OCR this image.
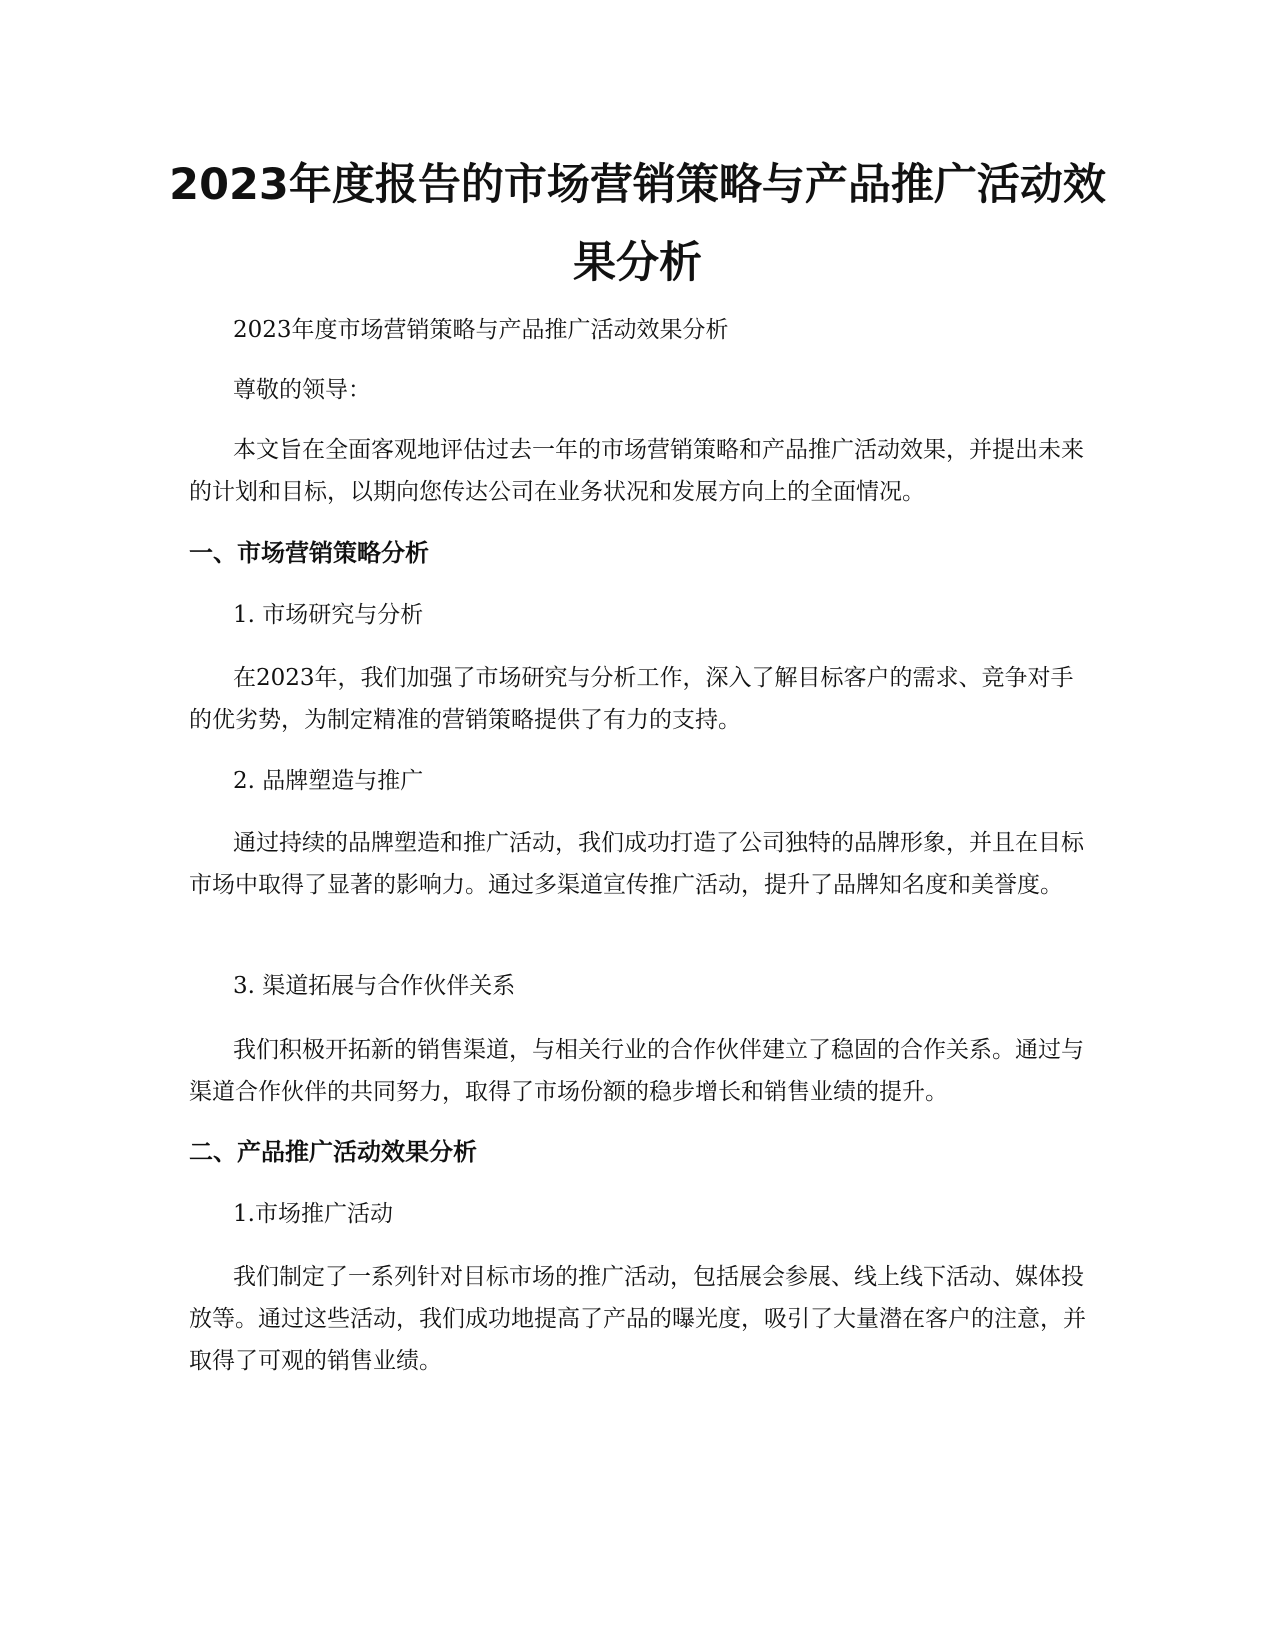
2023年度报告的市场营销策略与产品推广活动效果分析

2023年度市场营销策略与产品推广活动效果分析

尊敬的领导：

本文旨在全面客观地评估过去一年的市场营销策略和产品推广活动效果，并提出未来的计划和目标，以期向您传达公司在业务状况和发展方向上的全面情况。

一、市场营销策略分析

1. 市场研究与分析

在2023年，我们加强了市场研究与分析工作，深入了解目标客户的需求、竞争对手的优劣势，为制定精准的营销策略提供了有力的支持。

2. 品牌塑造与推广

通过持续的品牌塑造和推广活动，我们成功打造了公司独特的品牌形象，并且在目标市场中取得了显著的影响力。通过多渠道宣传推广活动，提升了品牌知名度和美誉度。

3. 渠道拓展与合作伙伴关系

我们积极开拓新的销售渠道，与相关行业的合作伙伴建立了稳固的合作关系。通过与渠道合作伙伴的共同努力，取得了市场份额的稳步增长和销售业绩的提升。

二、产品推广活动效果分析

1.市场推广活动

我们制定了一系列针对目标市场的推广活动，包括展会参展、线上线下活动、媒体投放等。通过这些活动，我们成功地提高了产品的曝光度，吸引了大量潜在客户的注意，并取得了可观的销售业绩。
